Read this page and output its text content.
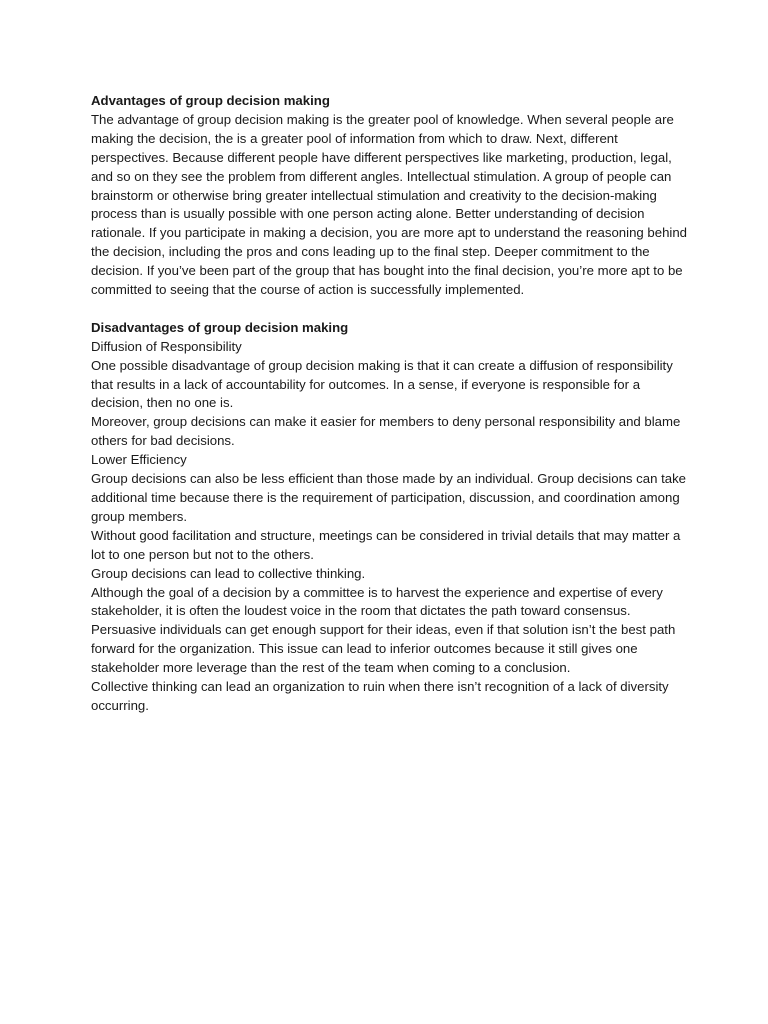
Advantages of group decision making

The advantage of group decision making is the greater pool of knowledge. When several people are making the decision, the is a greater pool of information from which to draw. Next, different perspectives. Because different people have different perspectives like marketing, production, legal, and so on they see the problem from different angles. Intellectual stimulation. A group of people can brainstorm or otherwise bring greater intellectual stimulation and creativity to the decision-making process than is usually possible with one person acting alone. Better understanding of decision rationale. If you participate in making a decision, you are more apt to understand the reasoning behind the decision, including the pros and cons leading up to the final step. Deeper commitment to the decision. If you’ve been part of the group that has bought into the final decision, you’re more apt to be committed to seeing that the course of action is successfully implemented.

Disadvantages of group decision making

Diffusion of Responsibility

One possible disadvantage of group decision making is that it can create a diffusion of responsibility that results in a lack of accountability for outcomes. In a sense, if everyone is responsible for a decision, then no one is.

Moreover, group decisions can make it easier for members to deny personal responsibility and blame others for bad decisions.

Lower Efficiency

Group decisions can also be less efficient than those made by an individual. Group decisions can take additional time because there is the requirement of participation, discussion, and coordination among group members.

Without good facilitation and structure, meetings can be considered in trivial details that may matter a lot to one person but not to the others.

Group decisions can lead to collective thinking.

Although the goal of a decision by a committee is to harvest the experience and expertise of every stakeholder, it is often the loudest voice in the room that dictates the path toward consensus. Persuasive individuals can get enough support for their ideas, even if that solution isn’t the best path forward for the organization. This issue can lead to inferior outcomes because it still gives one stakeholder more leverage than the rest of the team when coming to a conclusion.

Collective thinking can lead an organization to ruin when there isn’t recognition of a lack of diversity occurring.
